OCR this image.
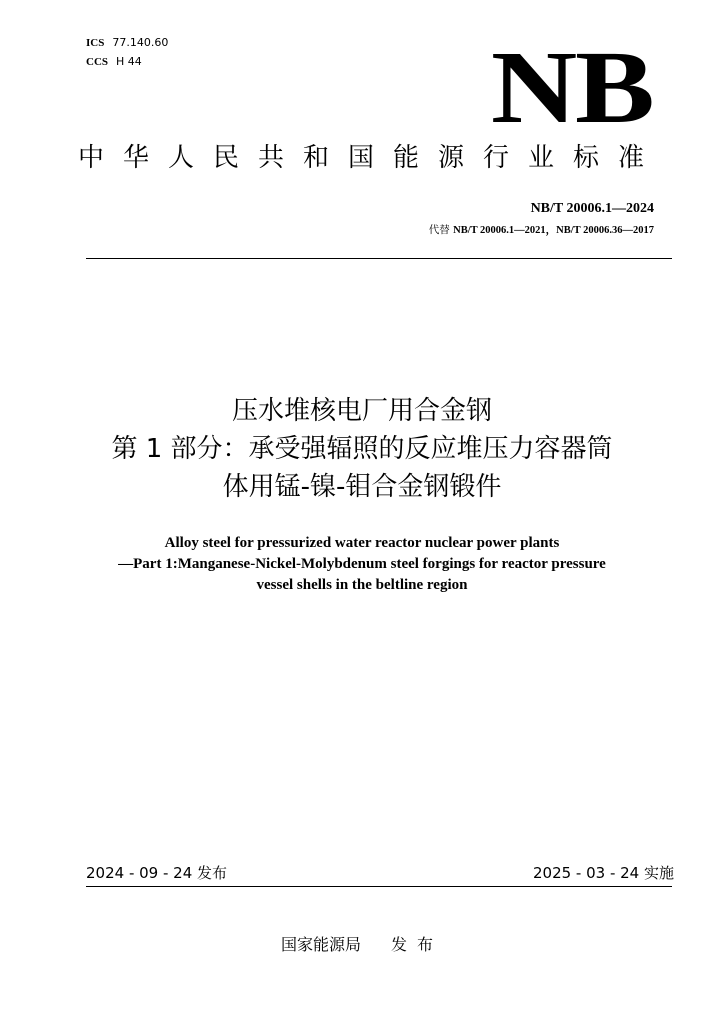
ICS 77.140.60
CCS H 44	NB
中华人民共和国能源行业标准
NB/T 20006.1—2024
代替 NB/T 20006.1—2021，NB/T 20006.36—2017
压水堆核电厂用合金钢
第 1 部分：承受强辐照的反应堆压力容器筒
体用锰-镍-钼合金钢锻件
Alloy steel for pressurized water reactor nuclear power plants
—Part 1:Manganese-Nickel-Molybdenum steel forgings for reactor pressure
vessel shells in the beltline region
2024 - 09 - 24 发布	2025 - 03 - 24 实施
国家能源局 发布
